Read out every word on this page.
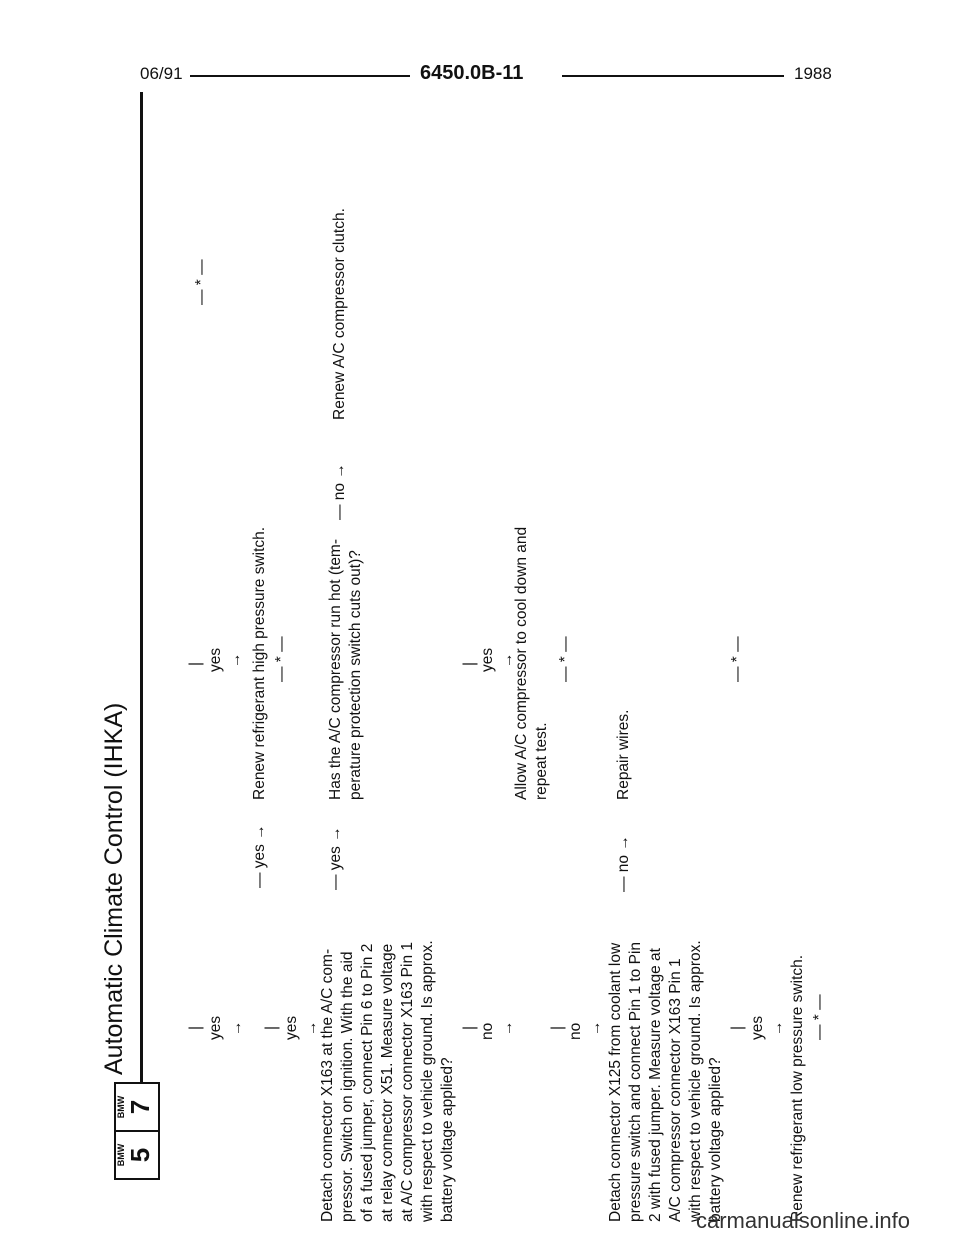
06/91	6450.0B-11	1988
Automatic Climate Control (IHKA)
BMW 5
BMW 7
| yes → | yes →
— * —
| yes →
— yes →
Renew refrigerant high pressure switch. — * —
Detach connector X163 at the A/C com- pressor. Switch on ignition. With the aid of a fused jumper, connect Pin 6 to Pin 2 at relay connector X51. Measure voltage at A/C compressor connector X163 Pin 1 with respect to vehicle ground. Is approx. battery voltage applied?
— yes →
Has the A/C compressor run hot (tem- perature protection switch cuts out)?
— no →
Renew A/C compressor clutch.
| no →
| yes →
Allow A/C compressor to cool down and repeat test.
— * —
| no → Detach connector X125 from coolant low pressure switch and connect Pin 1 to Pin 2 with fused jumper. Measure voltage at A/C compressor connector X163 Pin 1 with respect to vehicle ground. Is approx. battery voltage applied?
— no →
Repair wires.
— * —
| yes → Renew refrigerant low pressure switch. — * —
carmanualsonline.info
